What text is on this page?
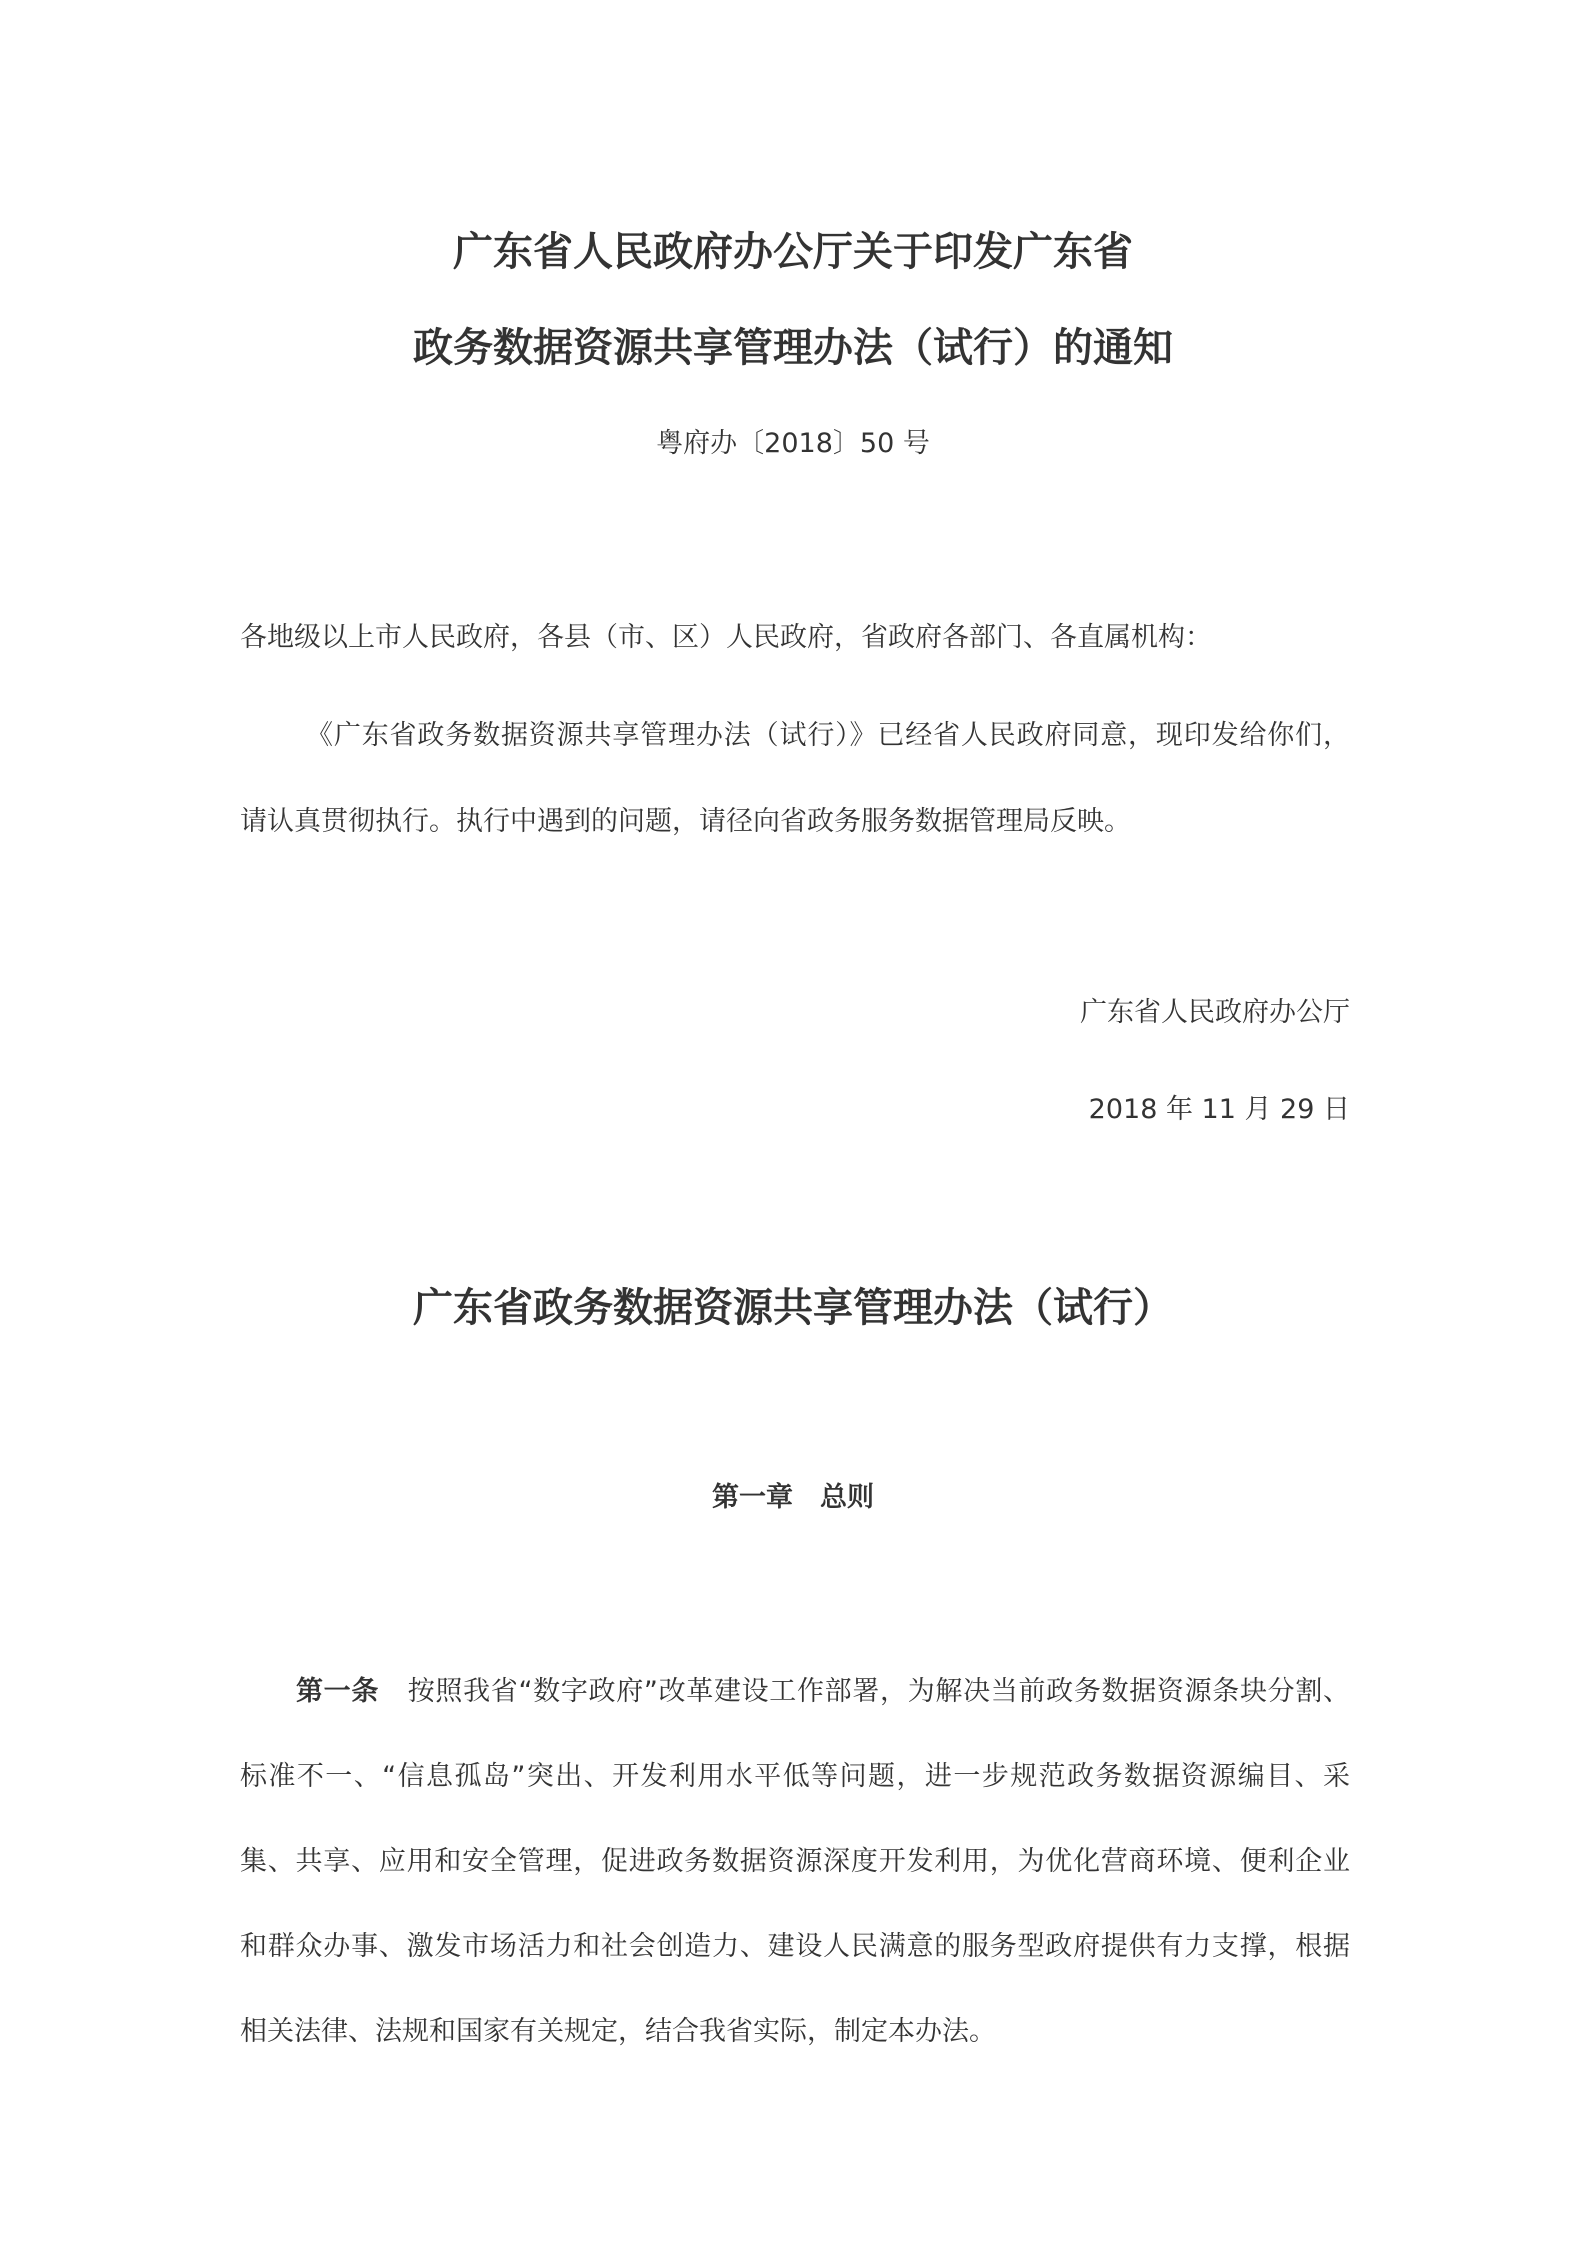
广东省人民政府办公厅关于印发广东省
政务数据资源共享管理办法（试行）的通知
粤府办〔2018〕50 号
各地级以上市人民政府，各县（市、区）人民政府，省政府各部门、各直属机构：
《广东省政务数据资源共享管理办法（试行）》已经省人民政府同意，现印发给你们，
请认真贯彻执行。执行中遇到的问题，请径向省政务服务数据管理局反映。
广东省人民政府办公厅
2018 年 11 月 29 日
广东省政务数据资源共享管理办法（试行）
第一章　总则
第一条 按照我省“数字政府”改革建设工作部署，为解决当前政务数据资源条块分割、
标准不一、“信息孤岛”突出、开发利用水平低等问题，进一步规范政务数据资源编目、采
集、共享、应用和安全管理，促进政务数据资源深度开发利用，为优化营商环境、便利企业
和群众办事、激发市场活力和社会创造力、建设人民满意的服务型政府提供有力支撑，根据
相关法律、法规和国家有关规定，结合我省实际，制定本办法。
